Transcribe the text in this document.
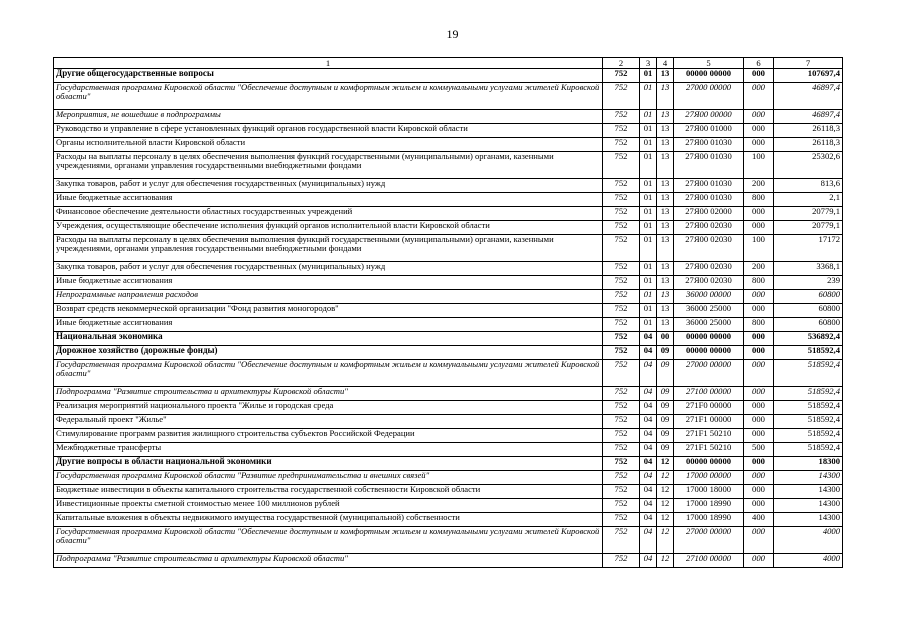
19
1	2	3	4	5	6	7
Другие общегосударственные вопросы	752	01	13	00000 00000	000	107697,4
Государственная программа Кировской области "Обеспечение доступным и комфортным жильем и коммунальными услугами жителей Кировской области"	752	01	13	27000 00000	000	46897,4
Мероприятия, не вошедшие в подпрограммы	752	01	13	27Я00 00000	000	46897,4
Руководство и управление в сфере установленных функций органов государственной власти Кировской области	752	01	13	27Я00 01000	000	26118,3
Органы исполнительной власти Кировской области	752	01	13	27Я00 01030	000	26118,3
Расходы на выплаты персоналу в целях обеспечения выполнения функций государственными (муниципальными) органами, казенными учреждениями, органами управления государственными внебюджетными фондами	752	01	13	27Я00 01030	100	25302,6
Закупка товаров, работ и услуг для обеспечения государственных (муниципальных) нужд	752	01	13	27Я00 01030	200	813,6
Иные бюджетные ассигнования	752	01	13	27Я00 01030	800	2,1
Финансовое обеспечение деятельности областных государственных учреждений	752	01	13	27Я00 02000	000	20779,1
Учреждения, осуществляющие обеспечение исполнения функций органов исполнительной власти Кировской области	752	01	13	27Я00 02030	000	20779,1
Расходы на выплаты персоналу в целях обеспечения выполнения функций государственными (муниципальными) органами, казенными учреждениями, органами управления государственными внебюджетными фондами	752	01	13	27Я00 02030	100	17172
Закупка товаров, работ и услуг для обеспечения государственных (муниципальных) нужд	752	01	13	27Я00 02030	200	3368,1
Иные бюджетные ассигнования	752	01	13	27Я00 02030	800	239
Непрограммные направления расходов	752	01	13	36000 00000	000	60800
Возврат средств некоммерческой организации "Фонд развития моногородов"	752	01	13	36000 25000	000	60800
Иные бюджетные ассигнования	752	01	13	36000 25000	800	60800
Национальная экономика	752	04	00	00000 00000	000	536892,4
Дорожное хозяйство (дорожные фонды)	752	04	09	00000 00000	000	518592,4
Государственная программа Кировской области "Обеспечение доступным и комфортным жильем и коммунальными услугами жителей Кировской области"	752	04	09	27000 00000	000	518592,4
Подпрограмма "Развитие строительства и архитектуры Кировской области"	752	04	09	27100 00000	000	518592,4
Реализация мероприятий национального проекта "Жилье и городская среда	752	04	09	271F0 00000	000	518592,4
Федеральный проект "Жилье"	752	04	09	271F1 00000	000	518592,4
Стимулирование программ развития жилищного строительства субъектов Российской Федерации	752	04	09	271F1 50210	000	518592,4
Межбюджетные трансферты	752	04	09	271F1 50210	500	518592,4
Другие вопросы в области национальной экономики	752	04	12	00000 00000	000	18300
Государственная программа Кировской области "Развитие предпринимательства и внешних связей"	752	04	12	17000 00000	000	14300
Бюджетные инвестиции в объекты капитального строительства государственной собственности Кировской области	752	04	12	17000 18000	000	14300
Инвестиционные проекты сметной стоимостью менее 100 миллионов рублей	752	04	12	17000 18990	000	14300
Капитальные вложения в объекты недвижимого имущества государственной (муниципальной) собственности	752	04	12	17000 18990	400	14300
Государственная программа Кировской области "Обеспечение доступным и комфортным жильем и коммунальными услугами жителей Кировской области"	752	04	12	27000 00000	000	4000
Подпрограмма "Развитие строительства и архитектуры Кировской области"	752	04	12	27100 00000	000	4000
